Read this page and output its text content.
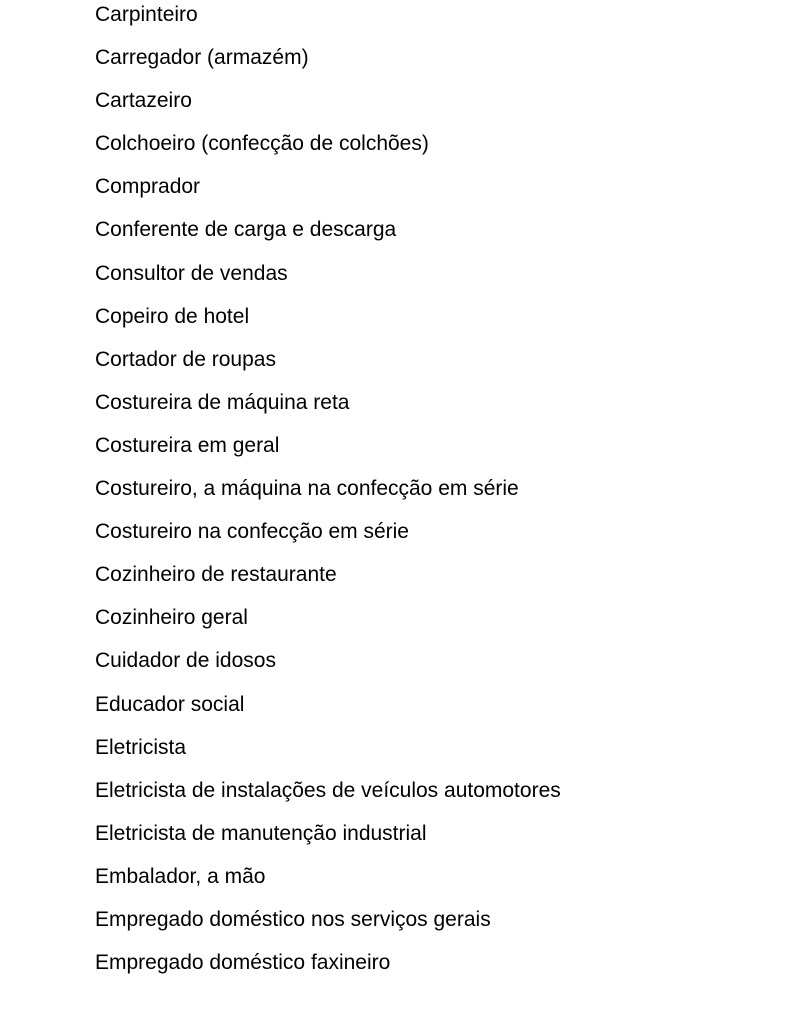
Carpinteiro
Carregador (armazém)
Cartazeiro
Colchoeiro (confecção de colchões)
Comprador
Conferente de carga e descarga
Consultor de vendas
Copeiro de hotel
Cortador de roupas
Costureira de máquina reta
Costureira em geral
Costureiro, a máquina na confecção em série
Costureiro na confecção em série
Cozinheiro de restaurante
Cozinheiro geral
Cuidador de idosos
Educador social
Eletricista
Eletricista de instalações de veículos automotores
Eletricista de manutenção industrial
Embalador, a mão
Empregado doméstico nos serviços gerais
Empregado doméstico faxineiro
